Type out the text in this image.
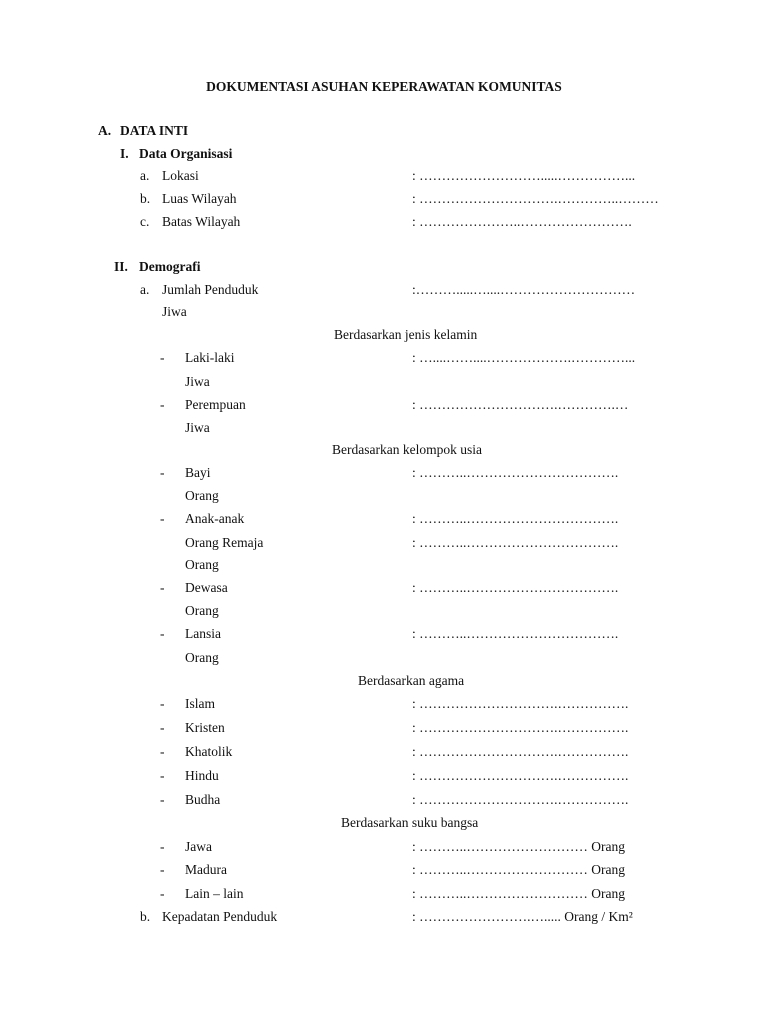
DOKUMENTASI ASUHAN KEPERAWATAN KOMUNITAS
A. DATA INTI
I. Data Organisasi
a. Lokasi	: ……………………….....……………...
b. Luas Wilayah	: ………………………….…………..………
c. Batas Wilayah	: …………………..…………………….
II. Demografi
a. Jumlah Penduduk	:……….....…....…………………………
Jiwa
Berdasarkan jenis kelamin
- Laki-laki	: …....……....……………….…………...
Jiwa
- Perempuan	: ………………………….………….…
Jiwa
Berdasarkan kelompok usia
- Bayi	: ………..…………………………….
Orang
- Anak-anak	: ………..…………………………….
Orang Remaja	: ………..…………………………….
Orang
- Dewasa	: ………..…………………………….
Orang
- Lansia	: ………..…………………………….
Orang
Berdasarkan agama
- Islam	: ………………………….…………….
- Kristen	: ………………………….…………….
- Khatolik	: ………………………….…………….
- Hindu	: ………………………….…………….
- Budha	: ………………………….…………….
Berdasarkan suku bangsa
- Jawa	: ………..……………………… Orang
- Madura	: ………..……………………… Orang
- Lain – lain	: ………..……………………… Orang
b. Kepadatan Penduduk	: …………………….…..... Orang / Km²
